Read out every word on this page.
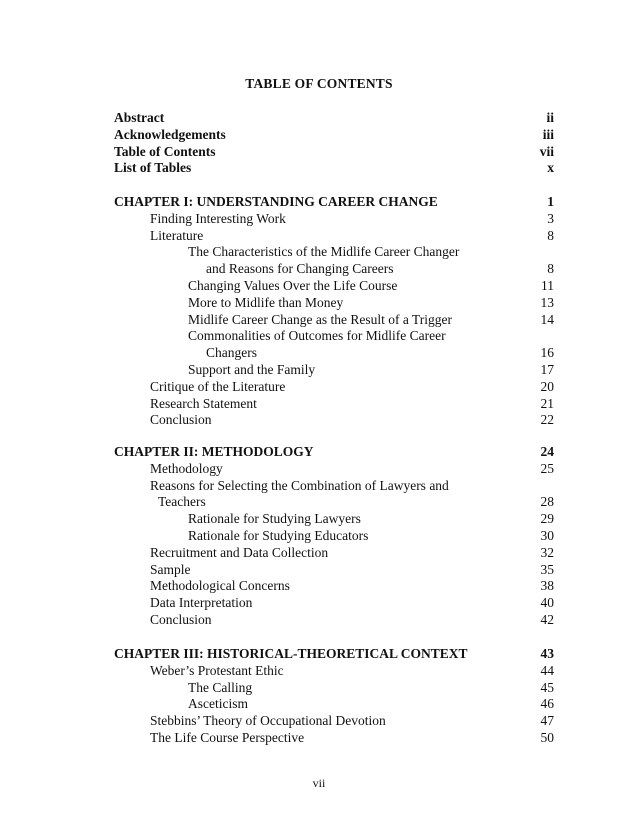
TABLE OF CONTENTS
Abstract	ii
Acknowledgements	iii
Table of Contents	vii
List of Tables	x
CHAPTER I: UNDERSTANDING CAREER CHANGE	1
Finding Interesting Work	3
Literature	8
The Characteristics of the Midlife Career Changer
and Reasons for Changing Careers	8
Changing Values Over the Life Course	11
More to Midlife than Money	13
Midlife Career Change as the Result of a Trigger	14
Commonalities of Outcomes for Midlife Career
Changers	16
Support and the Family	17
Critique of the Literature	20
Research Statement	21
Conclusion	22
CHAPTER II: METHODOLOGY	24
Methodology	25
Reasons for Selecting the Combination of Lawyers and
Teachers	28
Rationale for Studying Lawyers	29
Rationale for Studying Educators	30
Recruitment and Data Collection	32
Sample	35
Methodological Concerns	38
Data Interpretation	40
Conclusion	42
CHAPTER III: HISTORICAL-THEORETICAL CONTEXT	43
Weber’s Protestant Ethic	44
The Calling	45
Asceticism	46
Stebbins’ Theory of Occupational Devotion	47
The Life Course Perspective	50
vii
